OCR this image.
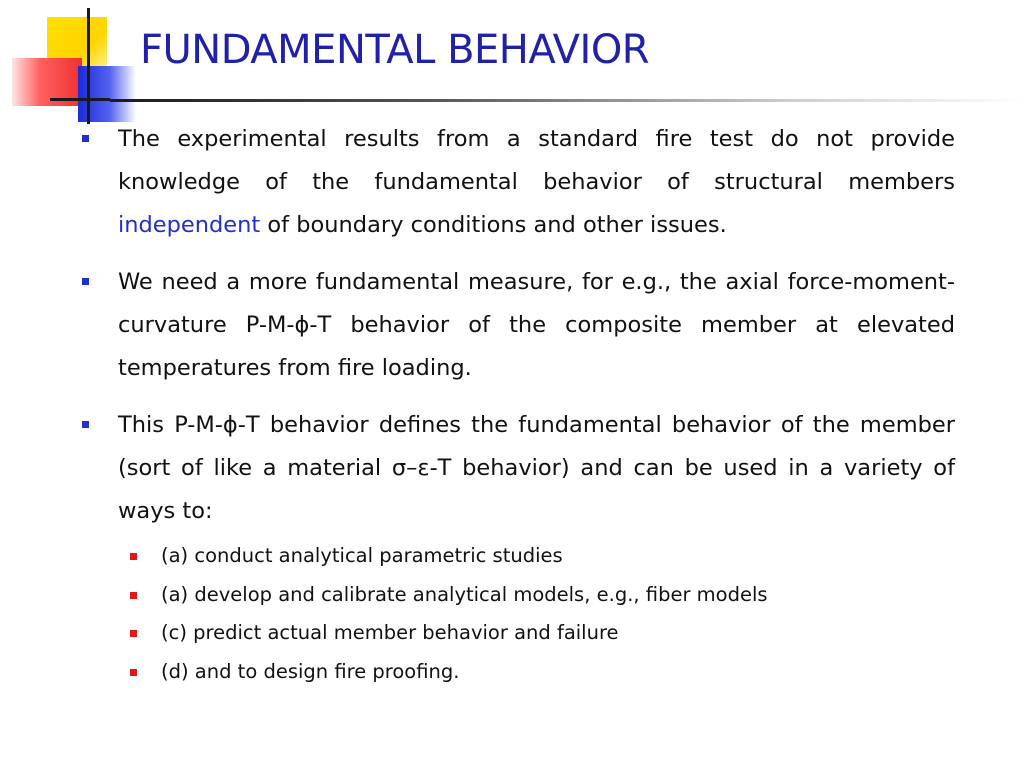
FUNDAMENTAL BEHAVIOR
The experimental results from a standard fire test do not provide knowledge of the fundamental behavior of structural members independent of boundary conditions and other issues.
We need a more fundamental measure, for e.g., the axial force-moment-curvature P-M-ϕ-T behavior of the composite member at elevated temperatures from fire loading.
This P-M-ϕ-T behavior defines the fundamental behavior of the member (sort of like a material σ–ε-T behavior) and can be used in a variety of ways to:
(a) conduct analytical parametric studies
(a) develop and calibrate analytical models, e.g., fiber models
(c) predict actual member behavior and failure
(d) and to design fire proofing.
